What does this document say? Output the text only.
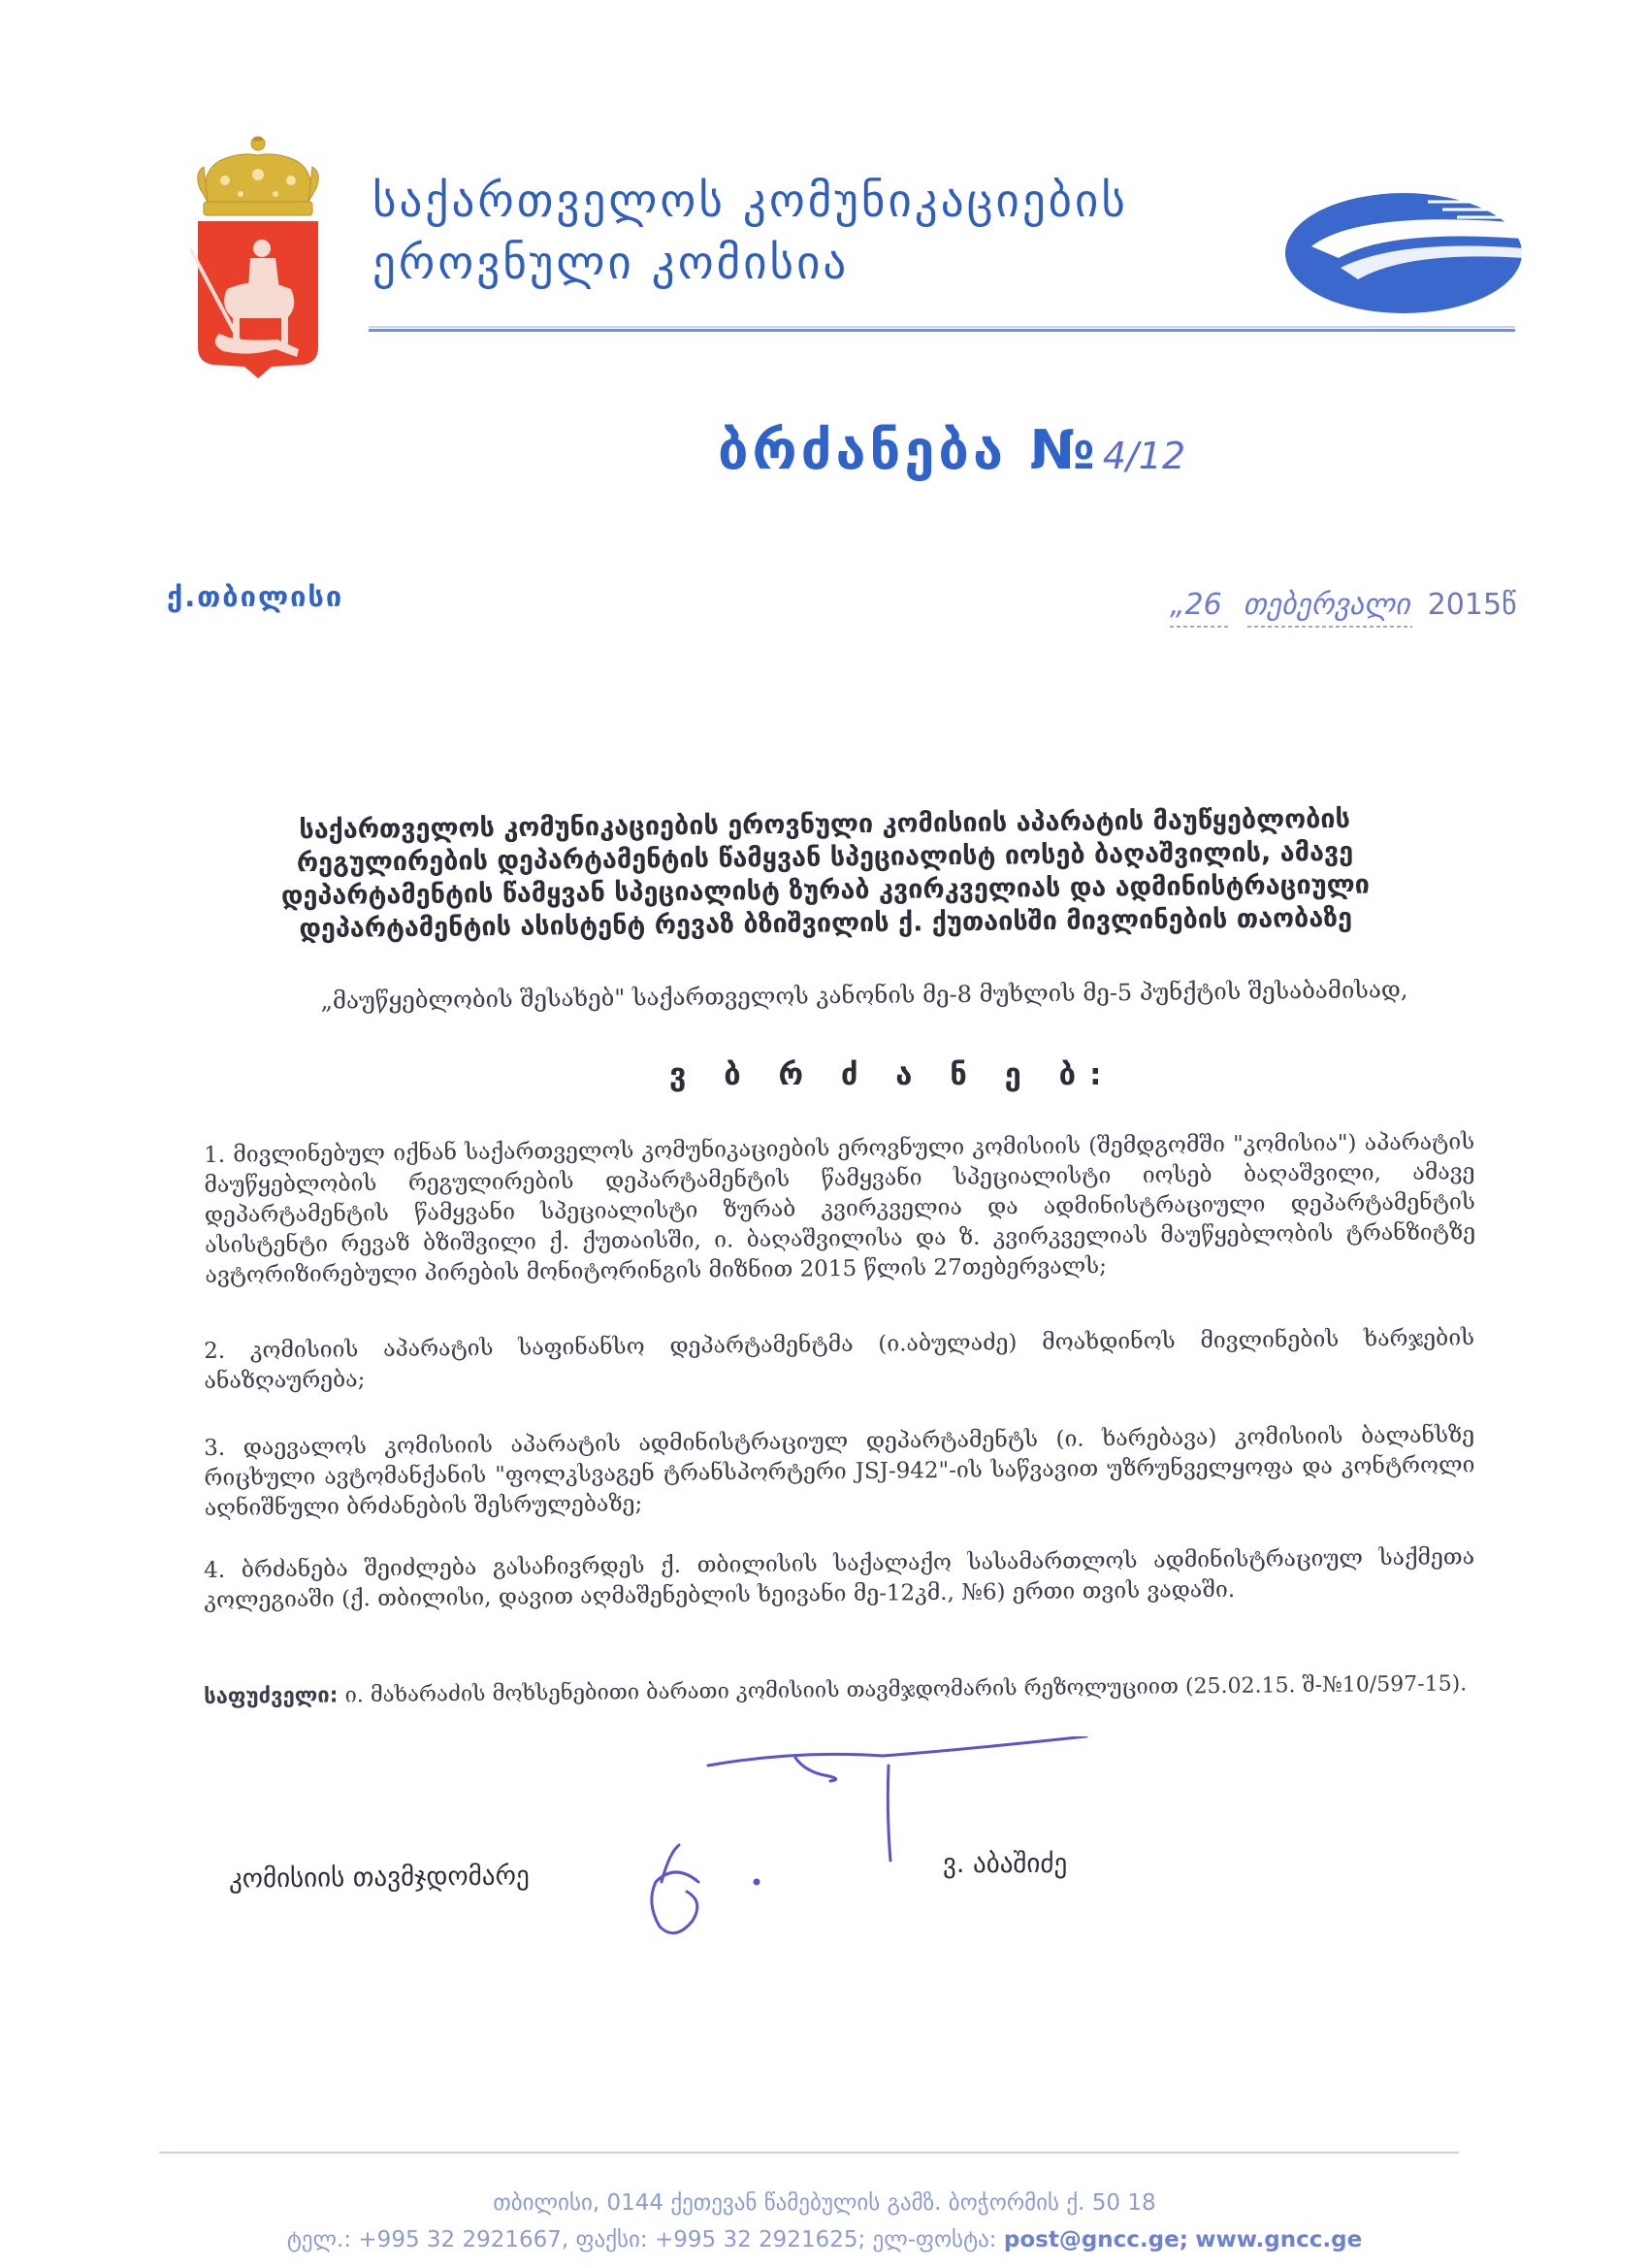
საქართველოს კომუნიკაციების
ეროვნული კომისია
ბრძანება № 4/12
ქ.თბილისი	„26 თებერვალი 2015წ
საქართველოს კომუნიკაციების ეროვნული კომისიის აპარატის მაუწყებლობის რეგულირების დეპარტამენტის წამყვან სპეციალისტ იოსებ ბაღაშვილის, ამავე დეპარტამენტის წამყვან სპეციალისტ ზურაბ კვირკველიას და ადმინისტრაციული დეპარტამენტის ასისტენტ რევაზ ბზიშვილის ქ. ქუთაისში მივლინების თაობაზე
„მაუწყებლობის შესახებ" საქართველოს კანონის მე-8 მუხლის მე-5 პუნქტის შესაბამისად,
ვ ბ რ ძ ა ნ ე ბ:
1. მივლინებულ იქნან საქართველოს კომუნიკაციების ეროვნული კომისიის (შემდგომში "კომისია") აპარატის მაუწყებლობის რეგულირების დეპარტამენტის წამყვანი სპეციალისტი იოსებ ბაღაშვილი, ამავე დეპარტამენტის წამყვანი სპეციალისტი ზურაბ კვირკველია და ადმინისტრაციული დეპარტამენტის ასისტენტი რევაზ ბზიშვილი ქ. ქუთაისში, ი. ბაღაშვილისა და ზ. კვირკველიას მაუწყებლობის ტრანზიტზე ავტორიზირებული პირების მონიტორინგის მიზნით 2015 წლის 27თებერვალს;
2. კომისიის აპარატის საფინანსო დეპარტამენტმა (ი.აბულაძე) მოახდინოს მივლინების ხარჯების ანაზღაურება;
3. დაევალოს კომისიის აპარატის ადმინისტრაციულ დეპარტამენტს (ი. ხარებავა) კომისიის ბალანსზე რიცხული ავტომანქანის "ფოლკსვაგენ ტრანსპორტერი JSJ-942"-ის საწვავით უზრუნველყოფა და კონტროლი აღნიშნული ბრძანების შესრულებაზე;
4. ბრძანება შეიძლება გასაჩივრდეს ქ. თბილისის საქალაქო სასამართლოს ადმინისტრაციულ საქმეთა კოლეგიაში (ქ. თბილისი, დავით აღმაშენებლის ხეივანი მე-12კმ., №6) ერთი თვის ვადაში.
საფუძველი: ი. მახარაძის მოხსენებითი ბარათი კომისიის თავმჯდომარის რეზოლუციით (25.02.15. შ-№10/597-15).
კომისიის თავმჯდომარე	ვ. აბაშიძე
თბილისი, 0144 ქეთევან წამებულის გამზ. ბოჭორმის ქ. 50 18
ტელ.: +995 32 2921667, ფაქსი: +995 32 2921625; ელ-ფოსტა: post@gncc.ge; www.gncc.ge
